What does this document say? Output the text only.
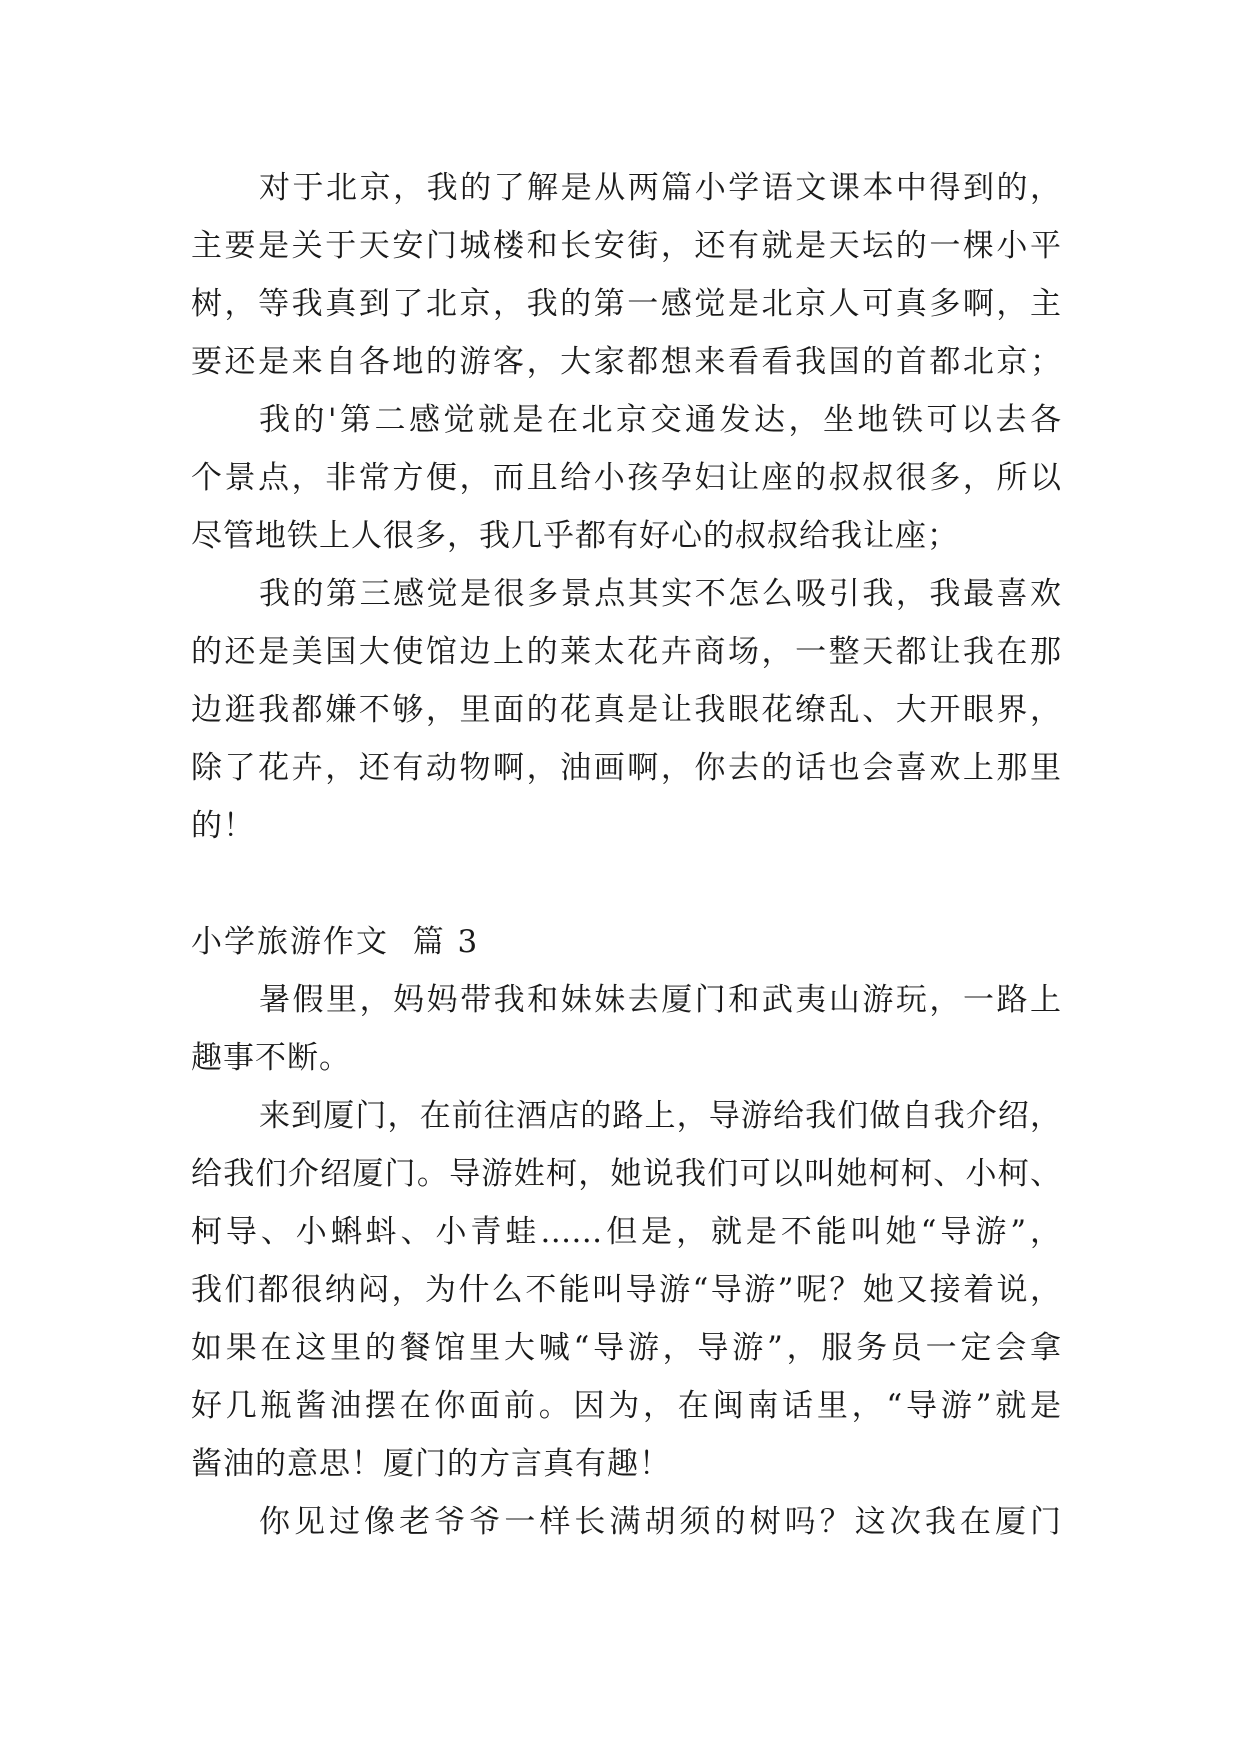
对于北京，我的了解是从两篇小学语文课本中得到的，

主要是关于天安门城楼和长安街，还有就是天坛的一棵小平

树，等我真到了北京，我的第一感觉是北京人可真多啊，主

要还是来自各地的游客，大家都想来看看我国的首都北京；

我的'第二感觉就是在北京交通发达，坐地铁可以去各

个景点，非常方便，而且给小孩孕妇让座的叔叔很多，所以

尽管地铁上人很多，我几乎都有好心的叔叔给我让座；

我的第三感觉是很多景点其实不怎么吸引我，我最喜欢

的还是美国大使馆边上的莱太花卉商场，一整天都让我在那

边逛我都嫌不够，里面的花真是让我眼花缭乱、大开眼界，

除了花卉，还有动物啊，油画啊，你去的话也会喜欢上那里

的！

小学旅游作文  篇 3

暑假里，妈妈带我和妹妹去厦门和武夷山游玩，一路上

趣事不断。

来到厦门，在前往酒店的路上，导游给我们做自我介绍，

给我们介绍厦门。导游姓柯，她说我们可以叫她柯柯、小柯、

柯导、小蝌蚪、小青蛙……但是，就是不能叫她“导游”，

我们都很纳闷，为什么不能叫导游“导游”呢？她又接着说，

如果在这里的餐馆里大喊“导游，导游”，服务员一定会拿

好几瓶酱油摆在你面前。因为，在闽南话里，“导游”就是

酱油的意思！厦门的方言真有趣！

你见过像老爷爷一样长满胡须的树吗？这次我在厦门
